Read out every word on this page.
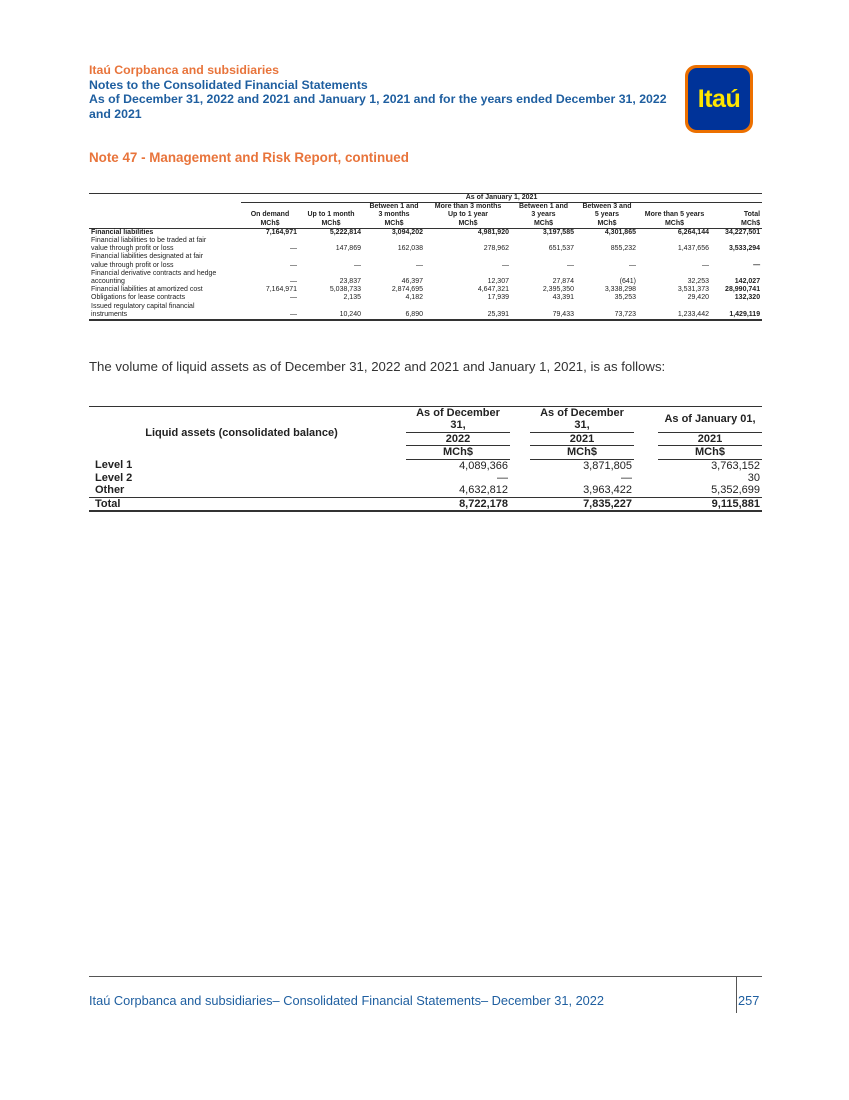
Itaú Corpbanca and subsidiaries
Notes to the Consolidated Financial Statements
As of December 31, 2022 and 2021 and January 1, 2021 and for the years ended December 31, 2022
and 2021
Itaú
Note 47 - Management and Risk Report, continued
	As of January 1, 2021							
			Between 1 and	More than 3 months	Between 1 and	Between 3 and		
	On demand	Up to 1 month	3 months	Up to 1 year	3 years	5 years	More than 5 years	Total
	MCh$	MCh$	MCh$	MCh$	MCh$	MCh$	MCh$	MCh$
Financial liabilities	7,164,971	5,222,814	3,094,202	4,981,920	3,197,585	4,301,865	6,264,144	34,227,501
Financial liabilities to be traded at fair								
value through profit or loss	—	147,869	162,038	278,962	651,537	855,232	1,437,656	3,533,294
Financial liabilities designated at fair								
value through profit or loss	—	—	—	—	—	—	—	—
Financial derivative contracts and hedge								
accounting	—	23,837	46,397	12,307	27,874	(641)	32,253	142,027
Financial liabilities at amortized cost	7,164,971	5,038,733	2,874,695	4,647,321	2,395,350	3,338,298	3,531,373	28,990,741
Obligations for lease contracts	—	2,135	4,182	17,939	43,391	35,253	29,420	132,320
Issued regulatory capital financial								
instruments	—	10,240	6,890	25,391	79,433	73,723	1,233,442	1,429,119
The volume of liquid assets as of December 31, 2022 and 2021 and January 1, 2021, is as follows:
Liquid assets (consolidated balance)		As of December 31,		As of December 31,		As of January 01,
		2022		2021		2021
		MCh$		MCh$		MCh$
Level 1		4,089,366		3,871,805		3,763,152
Level 2		—		—		30
Other		4,632,812		3,963,422		5,352,699
Total		8,722,178		7,835,227		9,115,881
Itaú Corpbanca and subsidiaries– Consolidated Financial Statements– December 31, 2022	257
